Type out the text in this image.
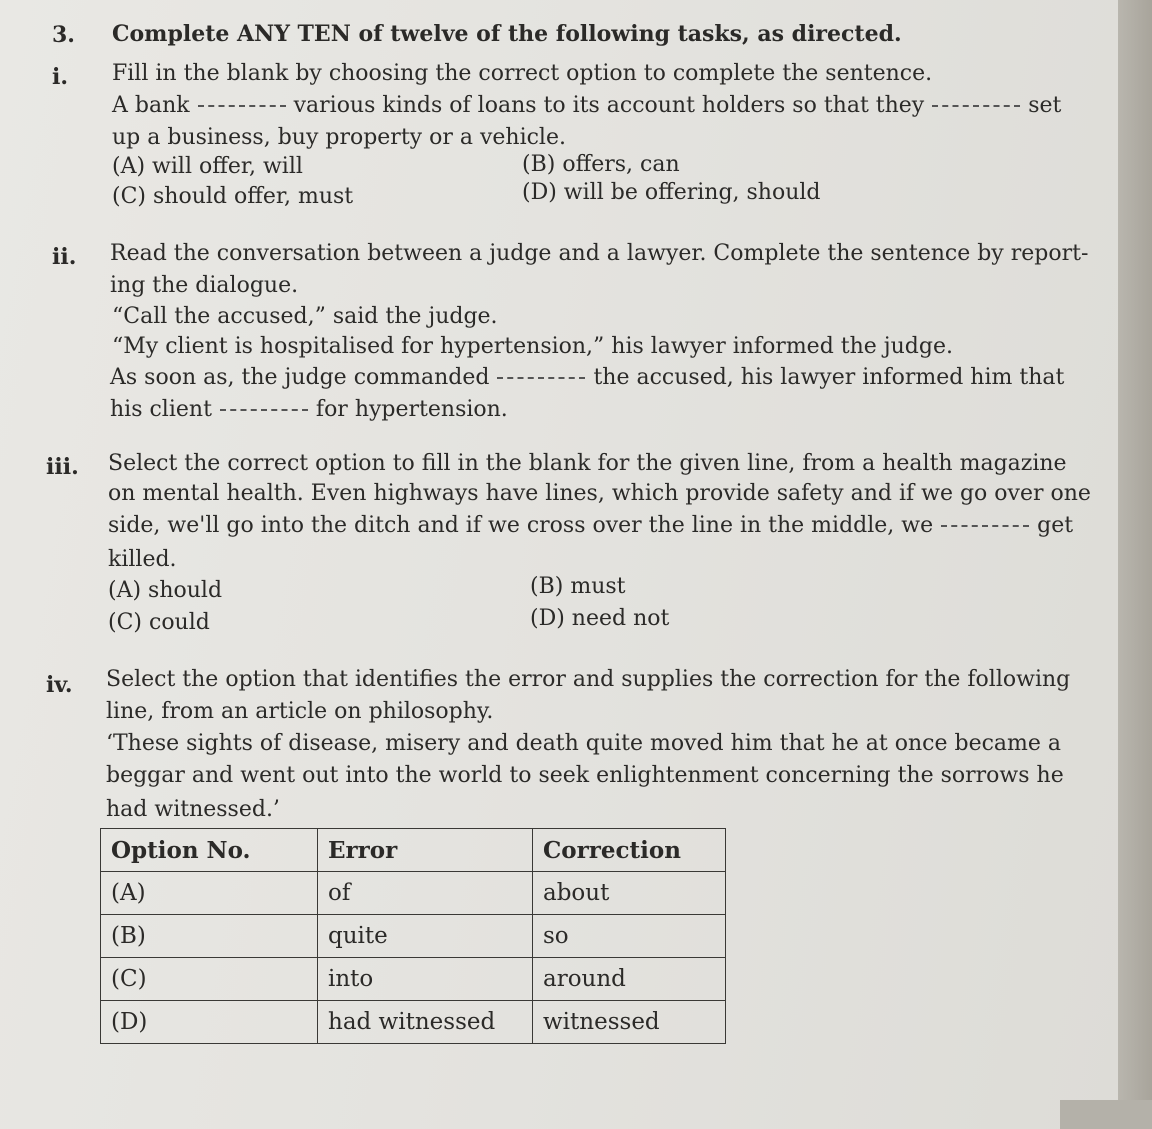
3. Complete ANY TEN of twelve of the following tasks, as directed.
i. Fill in the blank by choosing the correct option to complete the sentence.
A bank	various kinds of loans to its account holders so that they	set
up a business, buy property or a vehicle.
(A) will offer, will	(B) offers, can
(C) should offer, must	(D) will be offering, should
ii. Read the conversation between a judge and a lawyer. Complete the sentence by report-
ing the dialogue.
“Call the accused,” said the judge.
“My client is hospitalised for hypertension,” his lawyer informed the judge.
As soon as, the judge commanded	the accused, his lawyer informed him that
his client	for hypertension.
iii. Select the correct option to fill in the blank for the given line, from a health magazine
on mental health. Even highways have lines, which provide safety and if we go over one
side, we'll go into the ditch and if we cross over the line in the middle, we	get
killed.
(A) should	(B) must
(C) could	(D) need not
iv. Select the option that identifies the error and supplies the correction for the following
line, from an article on philosophy.
‘These sights of disease, misery and death quite moved him that he at once became a
beggar and went out into the world to seek enlightenment concerning the sorrows he
had witnessed.’
Option No.	Error	Correction
(A)	of	about
(B)	quite	so
(C)	into	around
(D)	had witnessed	witnessed
